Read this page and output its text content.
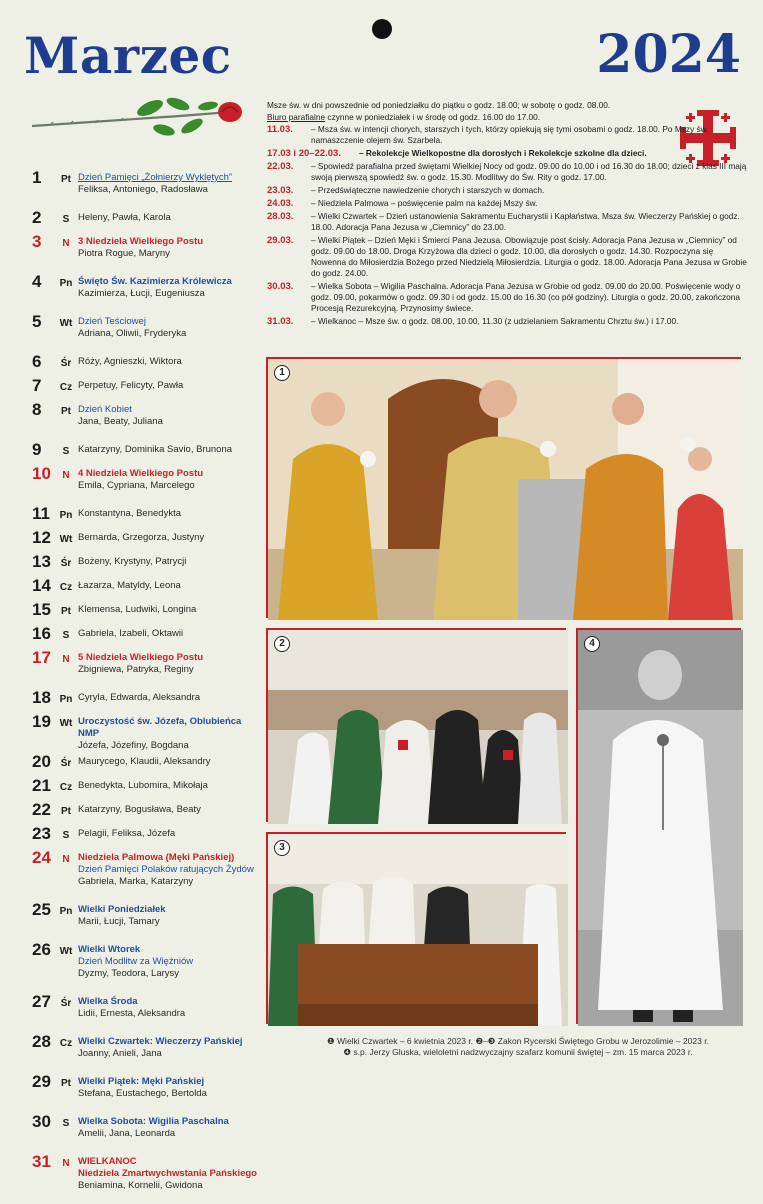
Marzec	2024
1	Pt Dzień Pamięci „Żołnierzy Wyklętych”
Feliksa, Antoniego, Radosława
2	S Heleny, Pawła, Karola
3	N 3 Niedziela Wielkiego Postu
Piotra Rogue, Maryny
4	Pn Święto Św. Kazimierza Królewicza
Kazimierza, Łucji, Eugeniusza
5	Wt Dzień Teściowej
Adriana, Oliwii, Fryderyka
6	Śr Róży, Agnieszki, Wiktora
7	Cz Perpetuy, Felicyty, Pawła
8	Pt Dzień Kobiet
Jana, Beaty, Juliana
9	S Katarzyny, Dominika Savio, Brunona
10	N 4 Niedziela Wielkiego Postu
Emila, Cypriana, Marcelego
11 Pn Konstantyna, Benedykta
12 Wt Bernarda, Grzegorza, Justyny
13 Śr Bożeny, Krystyny, Patrycji
14 Cz Łazarza, Matyldy, Leona
15	Pt Klemensa, Ludwiki, Longina
16	S Gabriela, Izabeli, Oktawii
17	N 5 Niedziela Wielkiego Postu
Zbigniewa, Patryka, Reginy
18 Pn Cyryla, Edwarda, Aleksandra
19 Wt Uroczystość św. Józefa, Oblubieńca NMP
Józefa, Józefiny, Bogdana
20 Śr Maurycego, Klaudii, Aleksandry
21 Cz Benedykta, Lubomira, Mikołaja
22	Pt Katarzyny, Bogusława, Beaty
23	S Pelagii, Feliksa, Józefa
24	N Niedziela Palmowa (Męki Pańskiej)
Dzień Pamięci Polaków ratujących Żydów
Gabriela, Marka, Katarzyny
25 Pn Wielki Poniedziałek
Marii, Łucji, Tamary
26 Wt Wielki Wtorek
Dzień Modlitw za Więźniów
Dyzmy, Teodora, Larysy
27 Śr Wielka Środa
Lidii, Ernesta, Aleksandra
28 Cz Wielki Czwartek: Wieczerzy Pańskiej
Joanny, Anieli, Jana
29	Pt Wielki Piątek: Męki Pańskiej
Stefana, Eustachego, Bertolda
30	S Wielka Sobota: Wigilia Paschalna
Amelii, Jana, Leonarda
31	N WIELKANOC
Niedziela Zmartwychwstania Pańskiego
Beniamina, Kornelii, Gwidona

Msze św. w dni powszednie od poniedziałku do piątku o godz. 18.00; w sobotę o godz. 08.00.

Biuro parafialne czynne w poniedziałek i w środę od godz. 16.00 do 17.00.

11.03.	– Msza św. w intencji chorych, starszych i tych, którzy opiekują się tymi osobami o godz. 18.00. Po Mszy św. namaszczenie olejem św. Szarbela.
17.03 i 20–22.03.	– Rekolekcje Wielkopostne dla dorosłych i Rekolekcje szkolne dla dzieci.
22.03.	– Spowiedź parafialna przed świętami Wielkiej Nocy od godz. 09.00 do 10.00 i od 16.30 do 18.00; dzieci z klas III mają swoją pierwszą spowiedź św. o godz. 15.30. Modlitwy do Św. Rity o godz. 17.00.
23.03.	– Przedświąteczne nawiedzenie chorych i starszych w domach.
24.03.	– Niedziela Palmowa – poświęcenie palm na każdej Mszy św.
28.03.	– Wielki Czwartek – Dzień ustanowienia Sakramentu Eucharystii i Kapłaństwa. Msza św. Wieczerzy Pańskiej o godz. 18.00. Adoracja Pana Jezusa w „Ciemnicy” do 23.00.
29.03.	– Wielki Piątek – Dzień Męki i Śmierci Pana Jezusa. Obowiązuje post ścisły. Adoracja Pana Jezusa w „Ciemnicy” od godz. 09.00 do 18.00. Droga Krzyżowa dla dzieci o godz. 10.00, dla dorosłych o godz. 14.30. Rozpoczyna się Nowenna do Miłosierdzia Bożego przed Niedzielą Miłosierdzia. Liturgia o godz. 18.00. Adoracja Pana Jezusa w Grobie do godz. 24.00.
30.03.	– Wielka Sobota – Wigilia Paschalna. Adoracja Pana Jezusa w Grobie od godz. 09.00 do 20.00. Poświęcenie wody o godz. 09.00, pokarmów o godz. 09.30 i od godz. 15.00 do 16.30 (co pół godziny). Liturgia o godz. 20.00, zakończona Procesją Rezurekcyjną. Przynosimy świece.
31.03.	– Wielkanoc – Msze św. o godz. 08.00, 10.00, 11.30 (z udzielaniem Sakramentu Chrztu św.) i 17.00.
1
2
3
4
❶ Wielki Czwartek – 6 kwietnia 2023 r. ❷–❸ Zakon Rycerski Świętego Grobu w Jerozolimie – 2023 r.
❹ s.p. Jerzy Gluska, wieloletni nadzwyczajny szafarz komunii świętej – zm. 15 marca 2023 r.
